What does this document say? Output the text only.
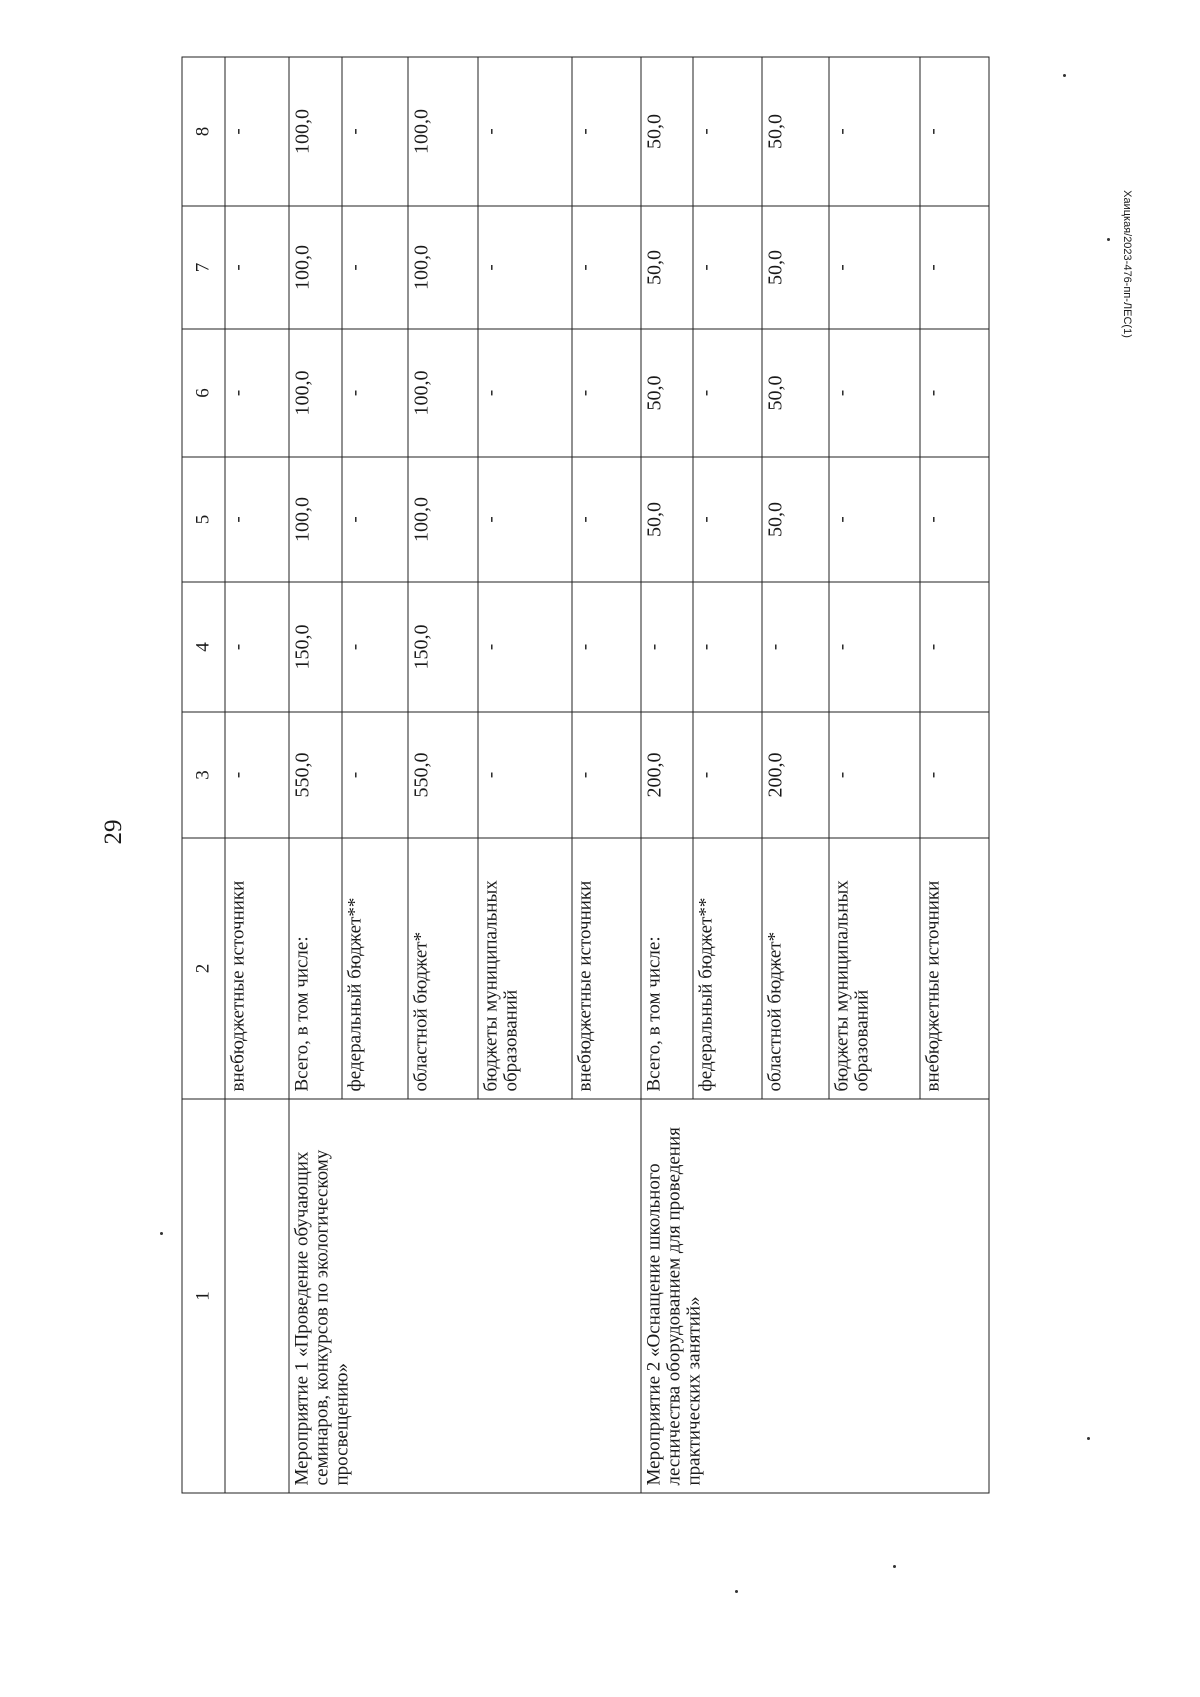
29
Хаицкая/2023-476-пп-ЛЕС(1)
1	2	3	4	5	6	7	8
	внебюджетные источники	-	-	-	-	-	-
Мероприятие 1 «Проведение обучающих семинаров, конкурсов по экологическому просвещению»	Всего, в том числе:	550,0	150,0	100,0	100,0	100,0	100,0
	федеральный бюджет**	-	-	-	-	-	-
	областной бюджет*	550,0	150,0	100,0	100,0	100,0	100,0
	бюджеты муниципальных образований	-	-	-	-	-	-
	внебюджетные источники	-	-	-	-	-	-
Мероприятие 2 «Оснащение школьного лесничества оборудованием для проведения практических занятий»	Всего, в том числе:	200,0	-	50,0	50,0	50,0	50,0
	федеральный бюджет**	-	-	-	-	-	-
	областной бюджет*	200,0	-	50,0	50,0	50,0	50,0
	бюджеты муниципальных образований	-	-	-	-	-	-
	внебюджетные источники	-	-	-	-	-	-
